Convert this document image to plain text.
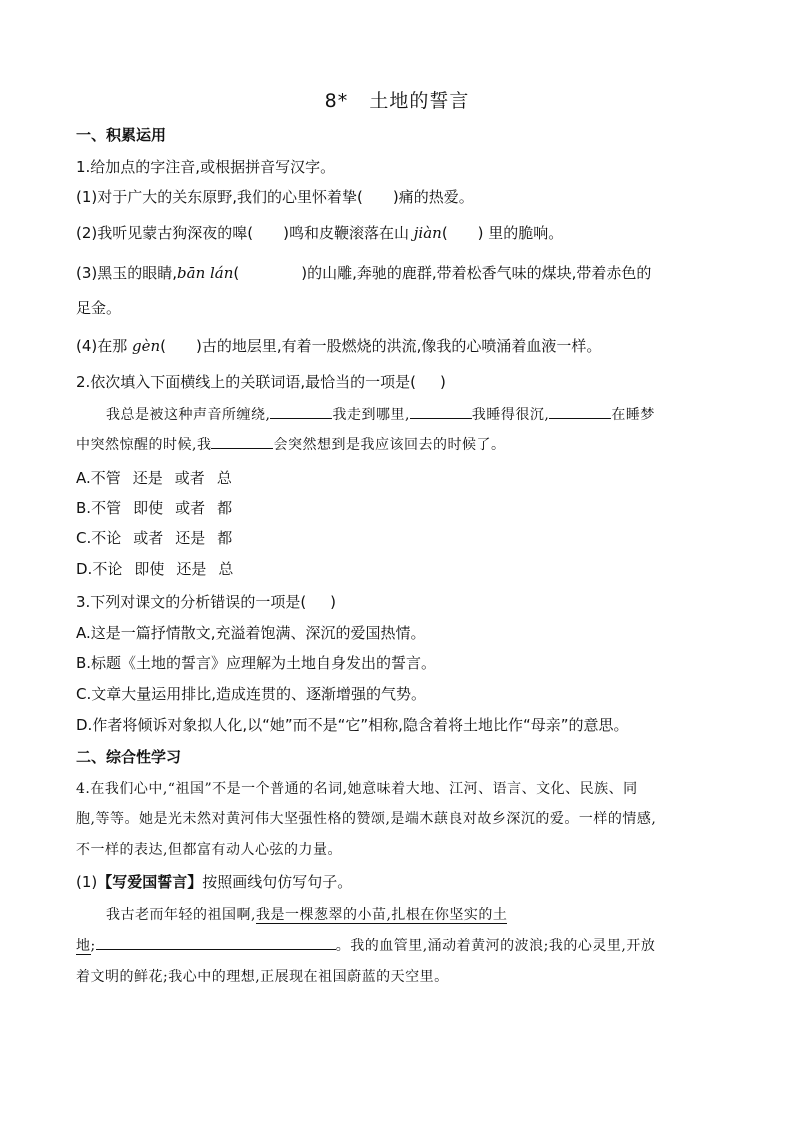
8*   土地的誓言
一、积累运用
1.给加点的字注音,或根据拼音写汉字。
(1)对于广大的关东原野,我们的心里怀着挚( )痛的热爱。
(2)我听见蒙古狗深夜的嗥( )鸣和皮鞭滚落在山 jiàn( ) 里的脆响。
(3)黑玉的眼睛,bān lán(	)的山雕,奔驰的鹿群,带着松香气味的煤块,带着赤色的
足金。
(4)在那 gèn( )古的地层里,有着一股燃烧的洪流,像我的心喷涌着血液一样。
2.依次填入下面横线上的关联词语,最恰当的一项是( )
我总是被这种声音所缠绕,	我走到哪里,	我睡得很沉,	在睡梦
中突然惊醒的时候,我	会突然想到是我应该回去的时候了。
A.不管 还是 或者 总
B.不管 即使 或者 都
C.不论 或者 还是 都
D.不论 即使 还是 总
3.下列对课文的分析错误的一项是( )
A.这是一篇抒情散文,充溢着饱满、深沉的爱国热情。
B.标题《土地的誓言》应理解为土地自身发出的誓言。
C.文章大量运用排比,造成连贯的、逐渐增强的气势。
D.作者将倾诉对象拟人化,以“她”而不是“它”相称,隐含着将土地比作“母亲”的意思。
二、综合性学习
4.在我们心中,“祖国”不是一个普通的名词,她意味着大地、江河、语言、文化、民族、同
胞,等等。她是光未然对黄河伟大坚强性格的赞颂,是端木蕻良对故乡深沉的爱。一样的情感,
不一样的表达,但都富有动人心弦的力量。
(1)【写爱国誓言】按照画线句仿写句子。
我古老而年轻的祖国啊,我是一棵葱翠的小苗,扎根在你坚实的土
地;	。我的血管里,涌动着黄河的波浪;我的心灵里,开放
着文明的鲜花;我心中的理想,正展现在祖国蔚蓝的天空里。
